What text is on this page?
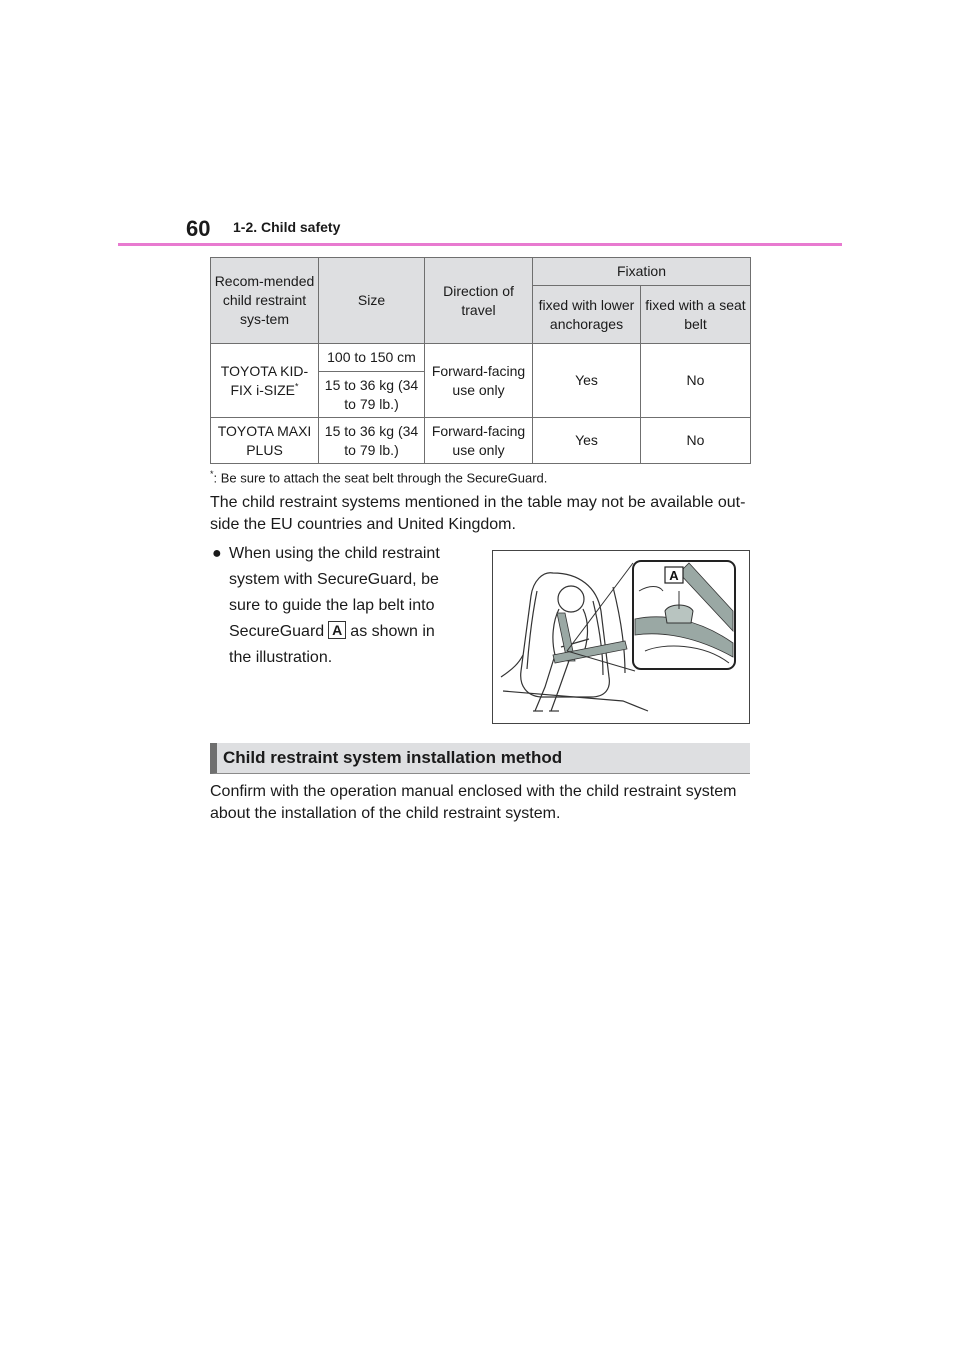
60 1-2. Child safety
Recom-mended child restraint sys-tem	Size	Direction of travel	Fixation	
			fixed with lower anchorages	fixed with a seat belt
TOYOTA KID-FIX i-SIZE*	100 to 150 cm	Forward-facing use only	Yes	No
	15 to 36 kg (34 to 79 lb.)			
TOYOTA MAXI PLUS	15 to 36 kg (34 to 79 lb.)	Forward-facing use only	Yes	No
*: Be sure to attach the seat belt through the SecureGuard.
The child restraint systems mentioned in the table may not be available out-side the EU countries and United Kingdom.
● When using the child restraint system with SecureGuard, be sure to guide the lap belt into SecureGuard A as shown in the illustration.
A
Child restraint system installation method
Confirm with the operation manual enclosed with the child restraint system about the installation of the child restraint system.
